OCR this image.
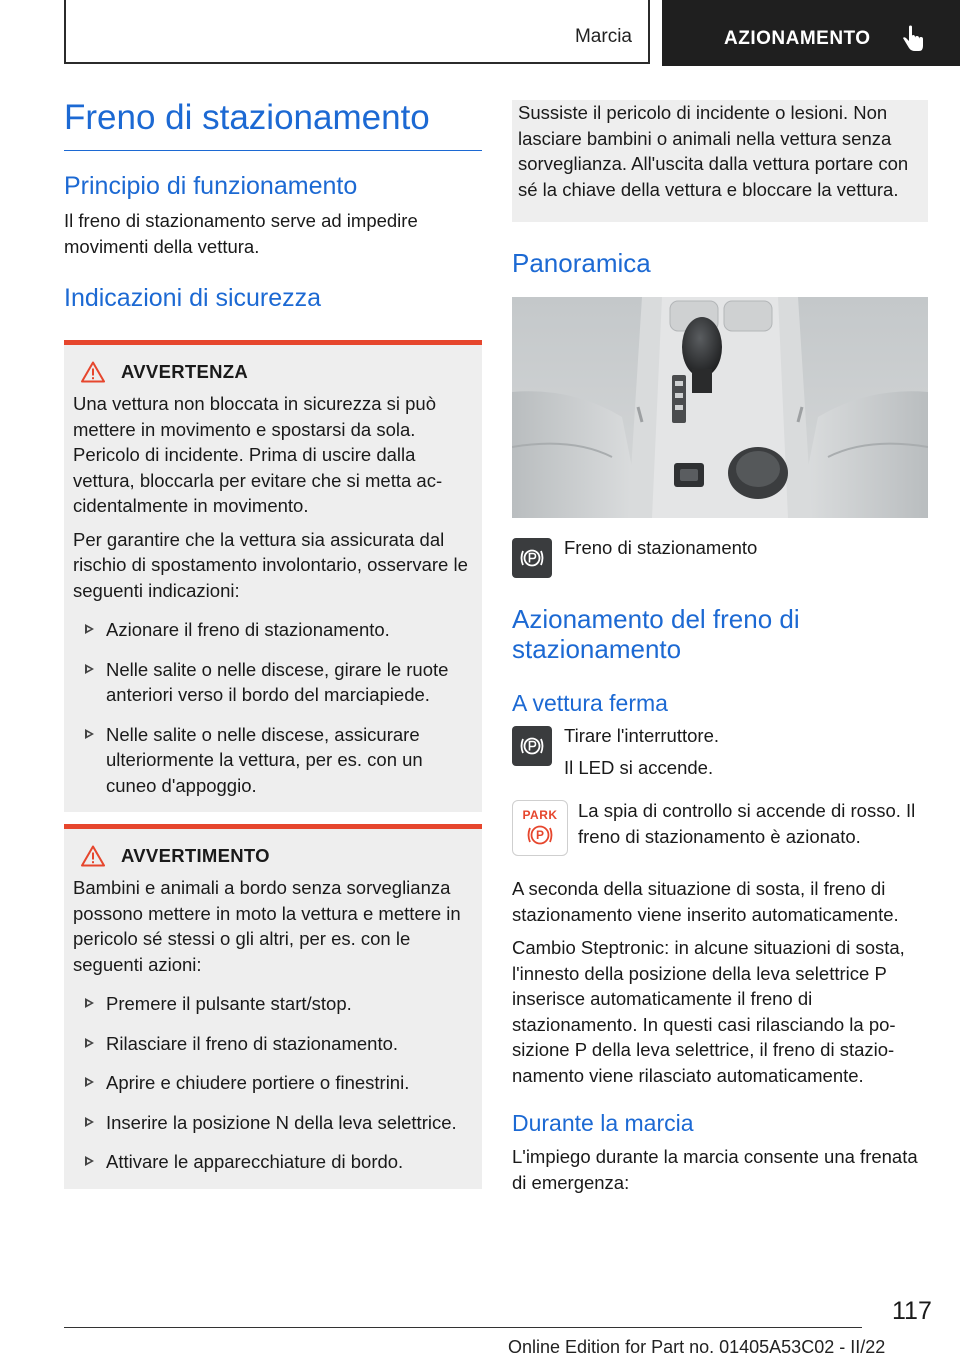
Marcia	AZIONAMENTO
Freno di stazionamento
Principio di funzionamento

Il freno di stazionamento serve ad impedire movimenti della vettura.

Indicazioni di sicurezza
AVVERTENZA

Una vettura non bloccata in sicurezza si può mettere in movimento e spostarsi da sola. Pericolo di incidente. Prima di uscire dalla vettura, bloccarla per evitare che si metta accidentalmente in movimento.

Per garantire che la vettura sia assicurata dal rischio di spostamento involontario, osservare le seguenti indicazioni:

Azionare il freno di stazionamento.
Nelle salite o nelle discese, girare le ruote anteriori verso il bordo del marciapiede.
Nelle salite o nelle discese, assicurare ulteriormente la vettura, per es. con un cuneo d'appoggio.
AVVERTIMENTO

Bambini e animali a bordo senza sorveglianza possono mettere in moto la vettura e mettere in pericolo sé stessi o gli altri, per es. con le seguenti azioni:

Premere il pulsante start/stop.
Rilasciare il freno di stazionamento.
Aprire e chiudere portiere o finestrini.
Inserire la posizione N della leva selettrice.
Attivare le apparecchiature di bordo.

Sussiste il pericolo di incidente o lesioni. Non lasciare bambini o animali nella vettura senza sorveglianza. All'uscita dalla vettura portare con sé la chiave della vettura e bloccare la vettura.

Panoramica

Freno di stazionamento

Azionamento del freno di stazionamento
A vettura ferma

Tirare l'interruttore.

Il LED si accende.

PARK
P

La spia di controllo si accende di rosso. Il freno di stazionamento è azionato.

A seconda della situazione di sosta, il freno di stazionamento viene inserito automaticamente.

Cambio Steptronic: in alcune situazioni di sosta, l'innesto della posizione della leva selettrice P inserisce automaticamente il freno di stazionamento. In questi casi rilasciando la posizione P della leva selettrice, il freno di stazionamento viene rilasciato automaticamente.

Durante la marcia

L'impiego durante la marcia consente una frenata di emergenza:

117
Online Edition for Part no. 01405A53C02 - II/22
